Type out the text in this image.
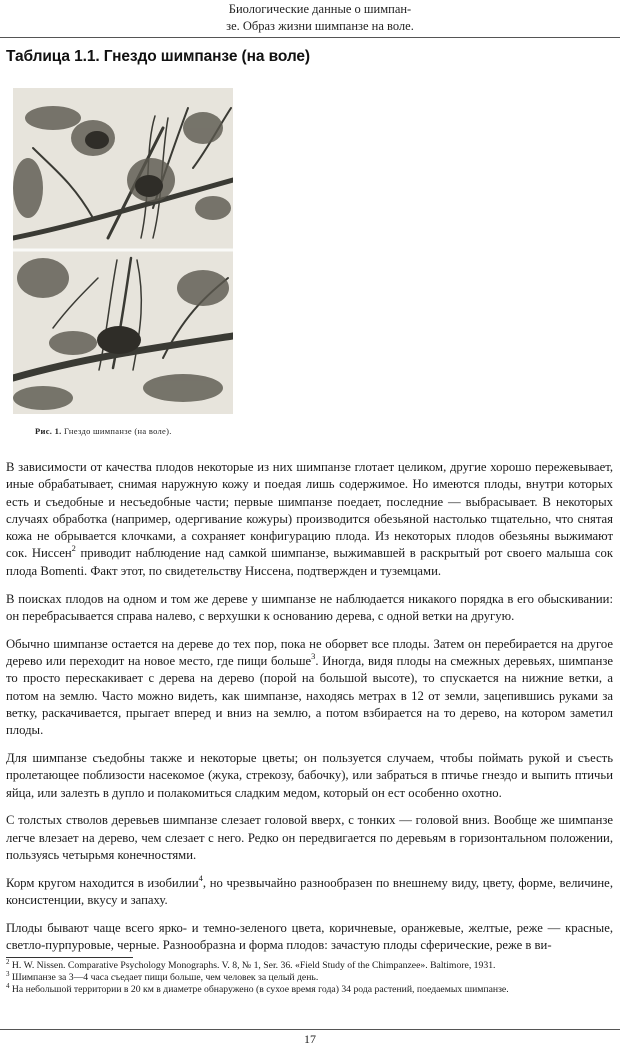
Биологические данные о шимпан-
зе. Образ жизни шимпанзе на воле.
Таблица 1.1. Гнездо шимпанзе (на воле)
Рис. 1. Гнездо шимпанзе (на воле).

В зависимости от качества плодов некоторые из них шимпанзе глотает целиком, другие хорошо пережевывает, иные обрабатывает, снимая наружную кожу и поедая лишь содержимое. Но имеются плоды, внутри которых есть и съедобные и несъедобные части; первые шимпанзе поедает, последние — выбрасывает. В некоторых случаях обработка (например, одергивание кожуры) производится обезьяной настолько тщательно, что снятая кожа не обрывается клочками, а сохраняет конфигурацию плода. Из некоторых плодов обезьяны выжимают сок. Ниссен$^2$ приводит наблюдение над самкой шимпанзе, выжимавшей в раскрытый рот своего малыша сок плода Bomenti. Факт этот, по свидетельству Ниссена, подтвержден и туземцами.

В поисках плодов на одном и том же дереве у шимпанзе не наблюдается никакого порядка в его обыскивании: он перебрасывается справа налево, с верхушки к основанию дерева, с одной ветки на другую.

Обычно шимпанзе остается на дереве до тех пор, пока не оборвет все плоды. Затем он перебирается на другое дерево или переходит на новое место, где пищи больше$^3$. Иногда, видя плоды на смежных деревьях, шимпанзе то просто перескакивает с дерева на дерево (порой на большой высоте), то спускается на нижние ветки, а потом на землю. Часто можно видеть, как шимпанзе, находясь метрах в 12 от земли, зацепившись руками за ветку, раскачивается, прыгает вперед и вниз на землю, а потом взбирается на то дерево, на котором заметил плоды.

Для шимпанзе съедобны также и некоторые цветы; он пользуется случаем, чтобы поймать рукой и съесть пролетающее поблизости насекомое (жука, стрекозу, бабочку), или забраться в птичье гнездо и выпить птичьи яйца, или залезть в дупло и полакомиться сладким медом, который он ест особенно охотно.

С толстых стволов деревьев шимпанзе слезает головой вверх, с тонких — головой вниз. Вообще же шимпанзе легче влезает на дерево, чем слезает с него. Редко он передвигается по деревьям в горизонтальном положении, пользуясь четырьмя конечностями.

Корм кругом находится в изобилии$^4$, но чрезвычайно разнообразен по внешнему виду, цвету, форме, величине, консистенции, вкусу и запаху.

Плоды бывают чаще всего ярко- и темно-зеленого цвета, коричневые, оранжевые, желтые, реже — красные, светло-пурпуровые, черные. Разнообразна и форма плодов: зачастую плоды сферические, реже в ви-

$^2$ H. W. Nissen. Comparative Psychology Monographs. V. 8, № 1, Ser. 36. «Field Study of the Chimpanzee». Baltimore, 1931.

$^3$ Шимпанзе за 3—4 часа съедает пищи больше, чем человек за целый день.

$^4$ На небольшой территории в 20 км в диаметре обнаружено (в сухое время года) 34 рода растений, поедаемых шимпанзе.

17
